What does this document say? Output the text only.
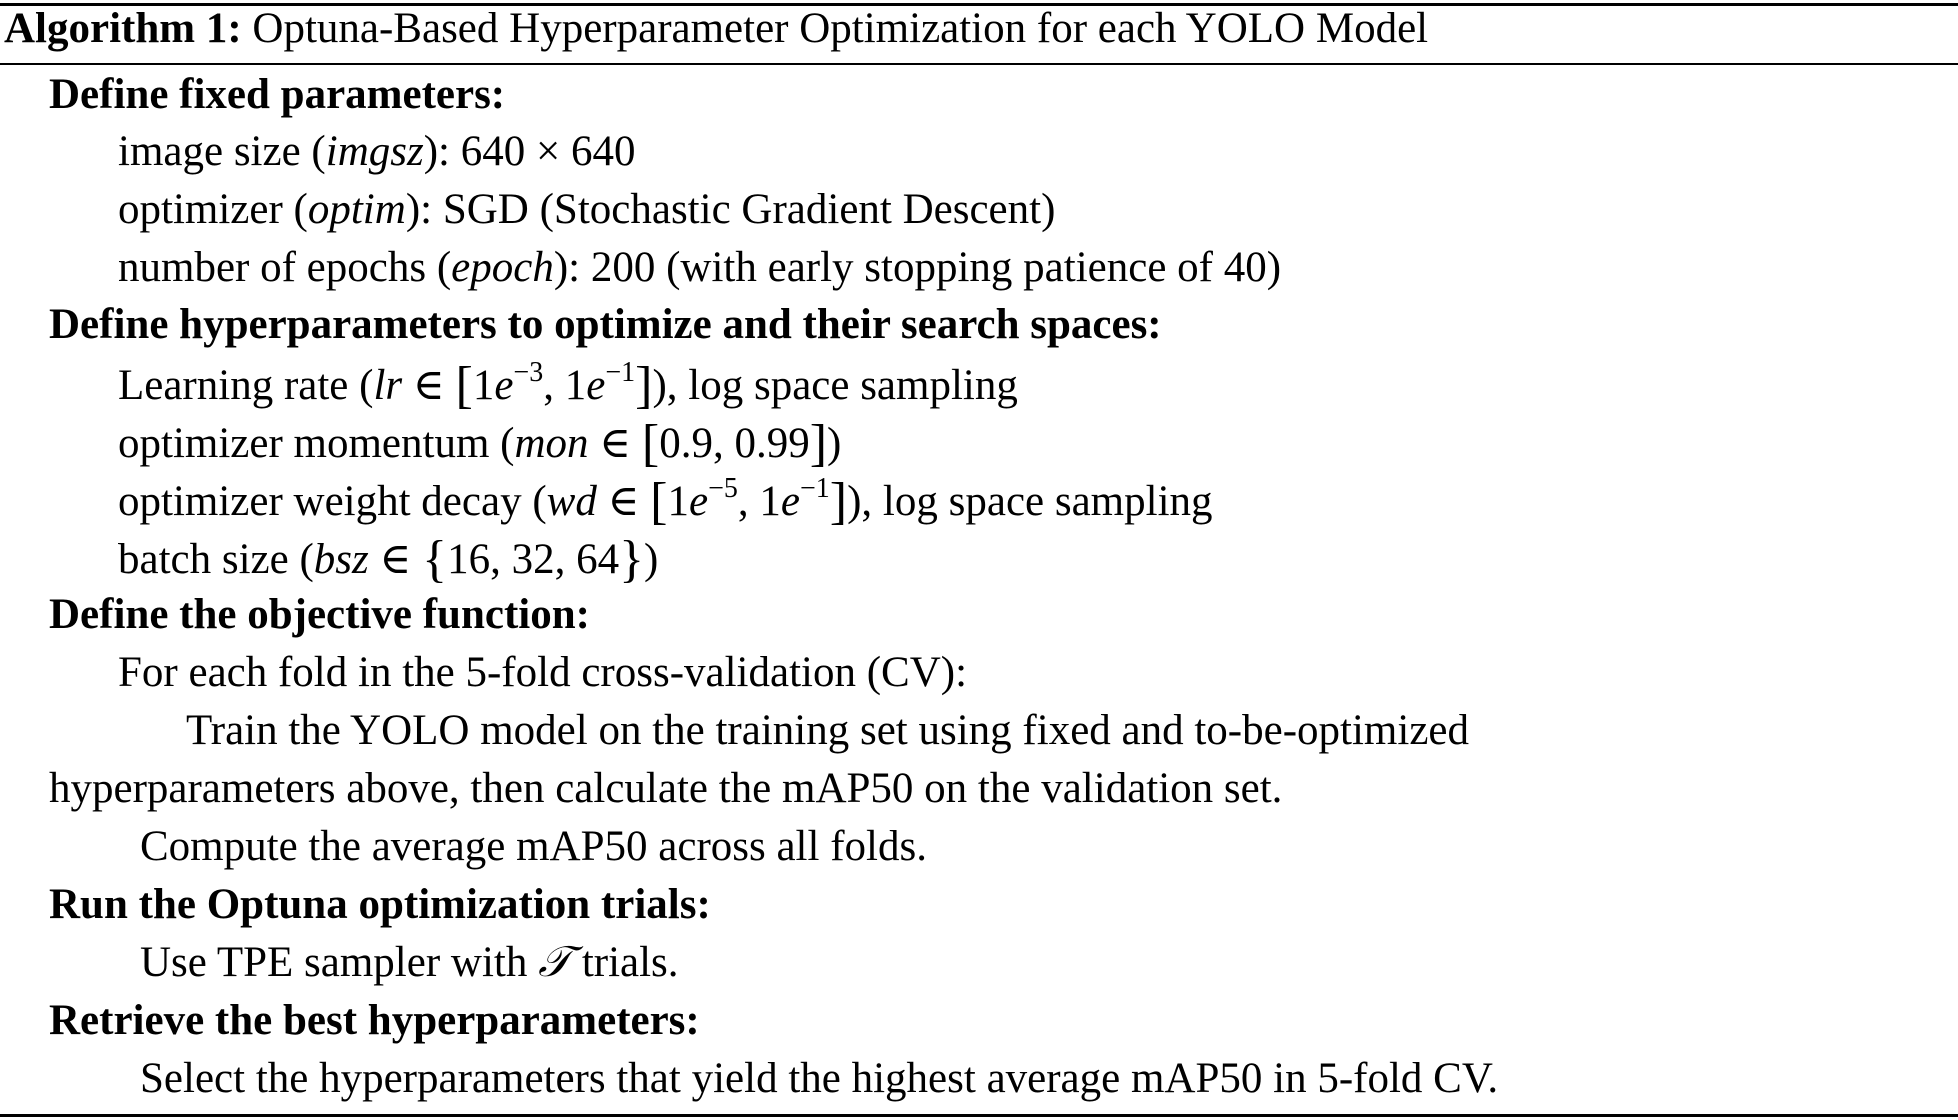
Algorithm 1: Optuna-Based Hyperparameter Optimization for each YOLO Model
Define fixed parameters:
image size (imgsz): 640 × 640
optimizer (optim): SGD (Stochastic Gradient Descent)
number of epochs (epoch): 200 (with early stopping patience of 40)
Define hyperparameters to optimize and their search spaces:
Learning rate (lr ∈ [$1e^{-3}$, $1e^{-1}$]), log space sampling
optimizer momentum (mon ∈ [0.9, 0.99])
optimizer weight decay (wd ∈ [$1e^{-5}$, $1e^{-1}$]), log space sampling
batch size (bsz ∈ {16, 32, 64})
Define the objective function:
For each fold in the 5-fold cross-validation (CV):
Train the YOLO model on the training set using fixed and to-be-optimized
hyperparameters above, then calculate the mAP50 on the validation set.
Compute the average mAP50 across all folds.
Run the Optuna optimization trials:
Use TPE sampler with 𝒯 trials.
Retrieve the best hyperparameters:
Select the hyperparameters that yield the highest average mAP50 in 5-fold CV.
